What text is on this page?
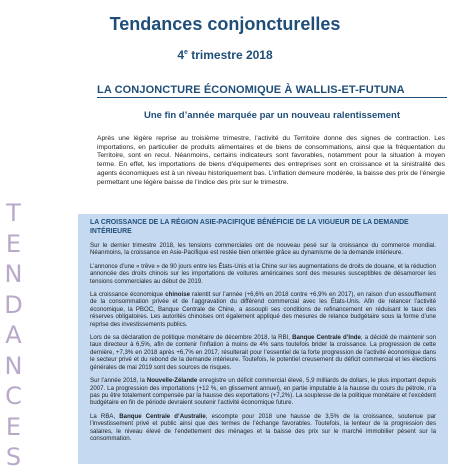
Tendances conjoncturelles
4e trimestre 2018
LA CONJONCTURE ÉCONOMIQUE À WALLIS-ET-FUTUNA
Une fin d’année marquée par un nouveau ralentissement
Après une légère reprise au troisième trimestre, l’activité du Territoire donne des signes de contraction. Les importations, en particulier de produits alimentaires et de biens de consommations, ainsi que la fréquentation du Territoire, sont en recul. Néanmoins, certains indicateurs sont favorables, notamment pour la situation à moyen terme. En effet, les importations de biens d’équipements des entreprises sont en croissance et la sinistralité des agents économiques est à un niveau historiquement bas. L’inflation demeure modérée, la baisse des prix de l’énergie permettant une légère baisse de l’indice des prix sur le trimestre.
T
E
N
D
A
N
C
E
S
LA CROISSANCE DE LA RÉGION ASIE-PACIFIQUE BÉNÉFICIE DE LA VIGUEUR DE LA DEMANDE INTÉRIEURE

Sur le dernier trimestre 2018, les tensions commerciales ont de nouveau pesé sur la croissance du commerce mondial. Néanmoins, la croissance en Asie-Pacifique est restée bien orientée grâce au dynamisme de la demande intérieure.

L’annonce d’une « trêve » de 90 jours entre les États-Unis et la Chine sur les augmentations de droits de douane, et la réduction annoncée des droits chinois sur les importations de voitures américaines sont des mesures susceptibles de désamorcer les tensions commerciales au début de 2019.

La croissance économique chinoise ralentit sur l’année (+6,6% en 2018 contre +6,9% en 2017), en raison d’un essoufflement de la consommation privée et de l’aggravation du différend commercial avec les États-Unis. Afin de relancer l’activité économique, la PBOC, Banque Centrale de Chine, a assoupli ses conditions de refinancement en réduisant le taux des réserves obligatoires. Les autorités chinoises ont également appliqué des mesures de relance budgétaire sous la forme d’une reprise des investissements publics.

Lors de sa déclaration de politique monétaire de décembre 2018, la RBI, Banque Centrale d’Inde, a décidé de maintenir son taux directeur à 6,5%, afin de contenir l’inflation à moins de 4% sans toutefois brider la croissance. La progression de cette dernière, +7,3% en 2018 après +6,7% en 2017, résulterait pour l’essentiel de la forte progression de l’activité économique dans le secteur privé et du rebond de la demande intérieure. Toutefois, le potentiel creusement du déficit commercial et les élections générales de mai 2019 sont des sources de risques.

Sur l’année 2018, la Nouvelle-Zélande enregistre un déficit commercial élevé, 5,9 milliards de dollars, le plus important depuis 2007. La progression des importations (+12 %, en glissement annuel), en partie imputable à la hausse du cours du pétrole, n’a pas pu être totalement compensée par la hausse des exportations (+7,2%). La souplesse de la politique monétaire et l’excédent budgétaire en fin de période devraient soutenir l’activité économique future.

La RBA, Banque Centrale d’Australie, escompte pour 2018 une hausse de 3,5% de la croissance, soutenue par l’investissement privé et public ainsi que des termes de l’échange favorables. Toutefois, la lenteur de la progression des salaires, le niveau élevé de l’endettement des ménages et la baisse des prix sur le marché immobilier pèsent sur la consommation.
